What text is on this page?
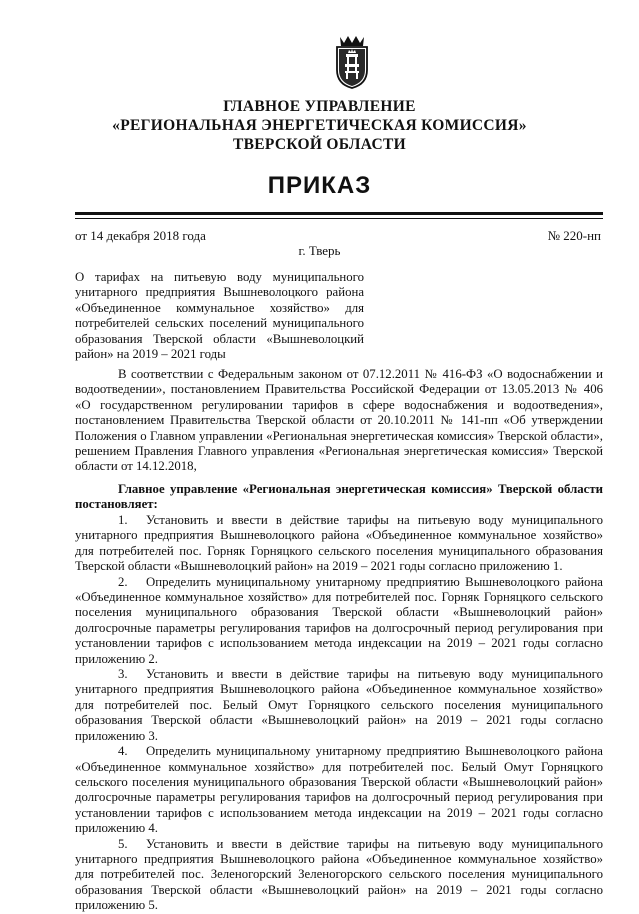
ГЛАВНОЕ УПРАВЛЕНИЕ
«РЕГИОНАЛЬНАЯ ЭНЕРГЕТИЧЕСКАЯ КОМИССИЯ»
ТВЕРСКОЙ ОБЛАСТИ
ПРИКАЗ
от 14 декабря 2018 года	№ 220-нп
г. Тверь

О тарифах на питьевую воду муниципального унитарного предприятия Вышневолоцкого района «Объединенное коммунальное хозяйство» для потребителей сельских поселений муниципального образования Тверской области «Вышневолоцкий район» на 2019 – 2021 годы

В соответствии с Федеральным законом от 07.12.2011 № 416-ФЗ «О водоснабжении и водоотведении», постановлением Правительства Российской Федерации от 13.05.2013 № 406 «О государственном регулировании тарифов в сфере водоснабжения и водоотведения», постановлением Правительства Тверской области от 20.10.2011 № 141-пп «Об утверждении Положения о Главном управлении «Региональная энергетическая комиссия» Тверской области», решением Правления Главного управления «Региональная энергетическая комиссия» Тверской области от 14.12.2018,

Главное управление «Региональная энергетическая комиссия» Тверской области постановляет:

1. Установить и ввести в действие тарифы на питьевую воду муниципального унитарного предприятия Вышневолоцкого района «Объединенное коммунальное хозяйство» для потребителей пос. Горняк Горняцкого сельского поселения муниципального образования Тверской области «Вышневолоцкий район» на 2019 – 2021 годы согласно приложению 1.
2. Определить муниципальному унитарному предприятию Вышневолоцкого района «Объединенное коммунальное хозяйство» для потребителей пос. Горняк Горняцкого сельского поселения муниципального образования Тверской области «Вышневолоцкий район» долгосрочные параметры регулирования тарифов на долгосрочный период регулирования при установлении тарифов с использованием метода индексации на 2019 – 2021 годы согласно приложению 2.
3. Установить и ввести в действие тарифы на питьевую воду муниципального унитарного предприятия Вышневолоцкого района «Объединенное коммунальное хозяйство» для потребителей пос. Белый Омут Горняцкого сельского поселения муниципального образования Тверской области «Вышневолоцкий район» на 2019 – 2021 годы согласно приложению 3.
4. Определить муниципальному унитарному предприятию Вышневолоцкого района «Объединенное коммунальное хозяйство» для потребителей пос. Белый Омут Горняцкого сельского поселения муниципального образования Тверской области «Вышневолоцкий район» долгосрочные параметры регулирования тарифов на долгосрочный период регулирования при установлении тарифов с использованием метода индексации на 2019 – 2021 годы согласно приложению 4.
5. Установить и ввести в действие тарифы на питьевую воду муниципального унитарного предприятия Вышневолоцкого района «Объединенное коммунальное хозяйство» для потребителей пос. Зеленогорский Зеленогорского сельского поселения муниципального образования Тверской области «Вышневолоцкий район» на 2019 – 2021 годы согласно приложению 5.
